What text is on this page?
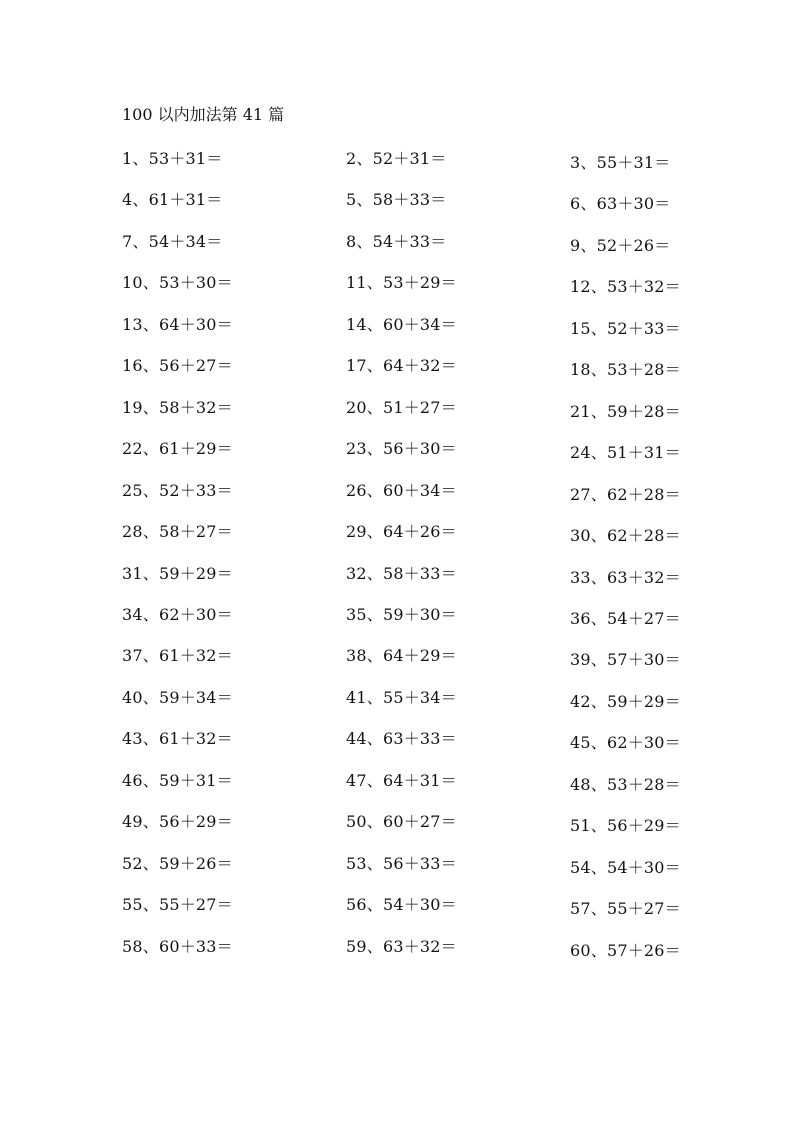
100 以内加法第 41 篇
1、53＋31＝	2、52＋31＝	3、55＋31＝
4、61＋31＝	5、58＋33＝	6、63＋30＝
7、54＋34＝	8、54＋33＝	9、52＋26＝
10、53＋30＝	11、53＋29＝	12、53＋32＝
13、64＋30＝	14、60＋34＝	15、52＋33＝
16、56＋27＝	17、64＋32＝	18、53＋28＝
19、58＋32＝	20、51＋27＝	21、59＋28＝
22、61＋29＝	23、56＋30＝	24、51＋31＝
25、52＋33＝	26、60＋34＝	27、62＋28＝
28、58＋27＝	29、64＋26＝	30、62＋28＝
31、59＋29＝	32、58＋33＝	33、63＋32＝
34、62＋30＝	35、59＋30＝	36、54＋27＝
37、61＋32＝	38、64＋29＝	39、57＋30＝
40、59＋34＝	41、55＋34＝	42、59＋29＝
43、61＋32＝	44、63＋33＝	45、62＋30＝
46、59＋31＝	47、64＋31＝	48、53＋28＝
49、56＋29＝	50、60＋27＝	51、56＋29＝
52、59＋26＝	53、56＋33＝	54、54＋30＝
55、55＋27＝	56、54＋30＝	57、55＋27＝
58、60＋33＝	59、63＋32＝	60、57＋26＝
